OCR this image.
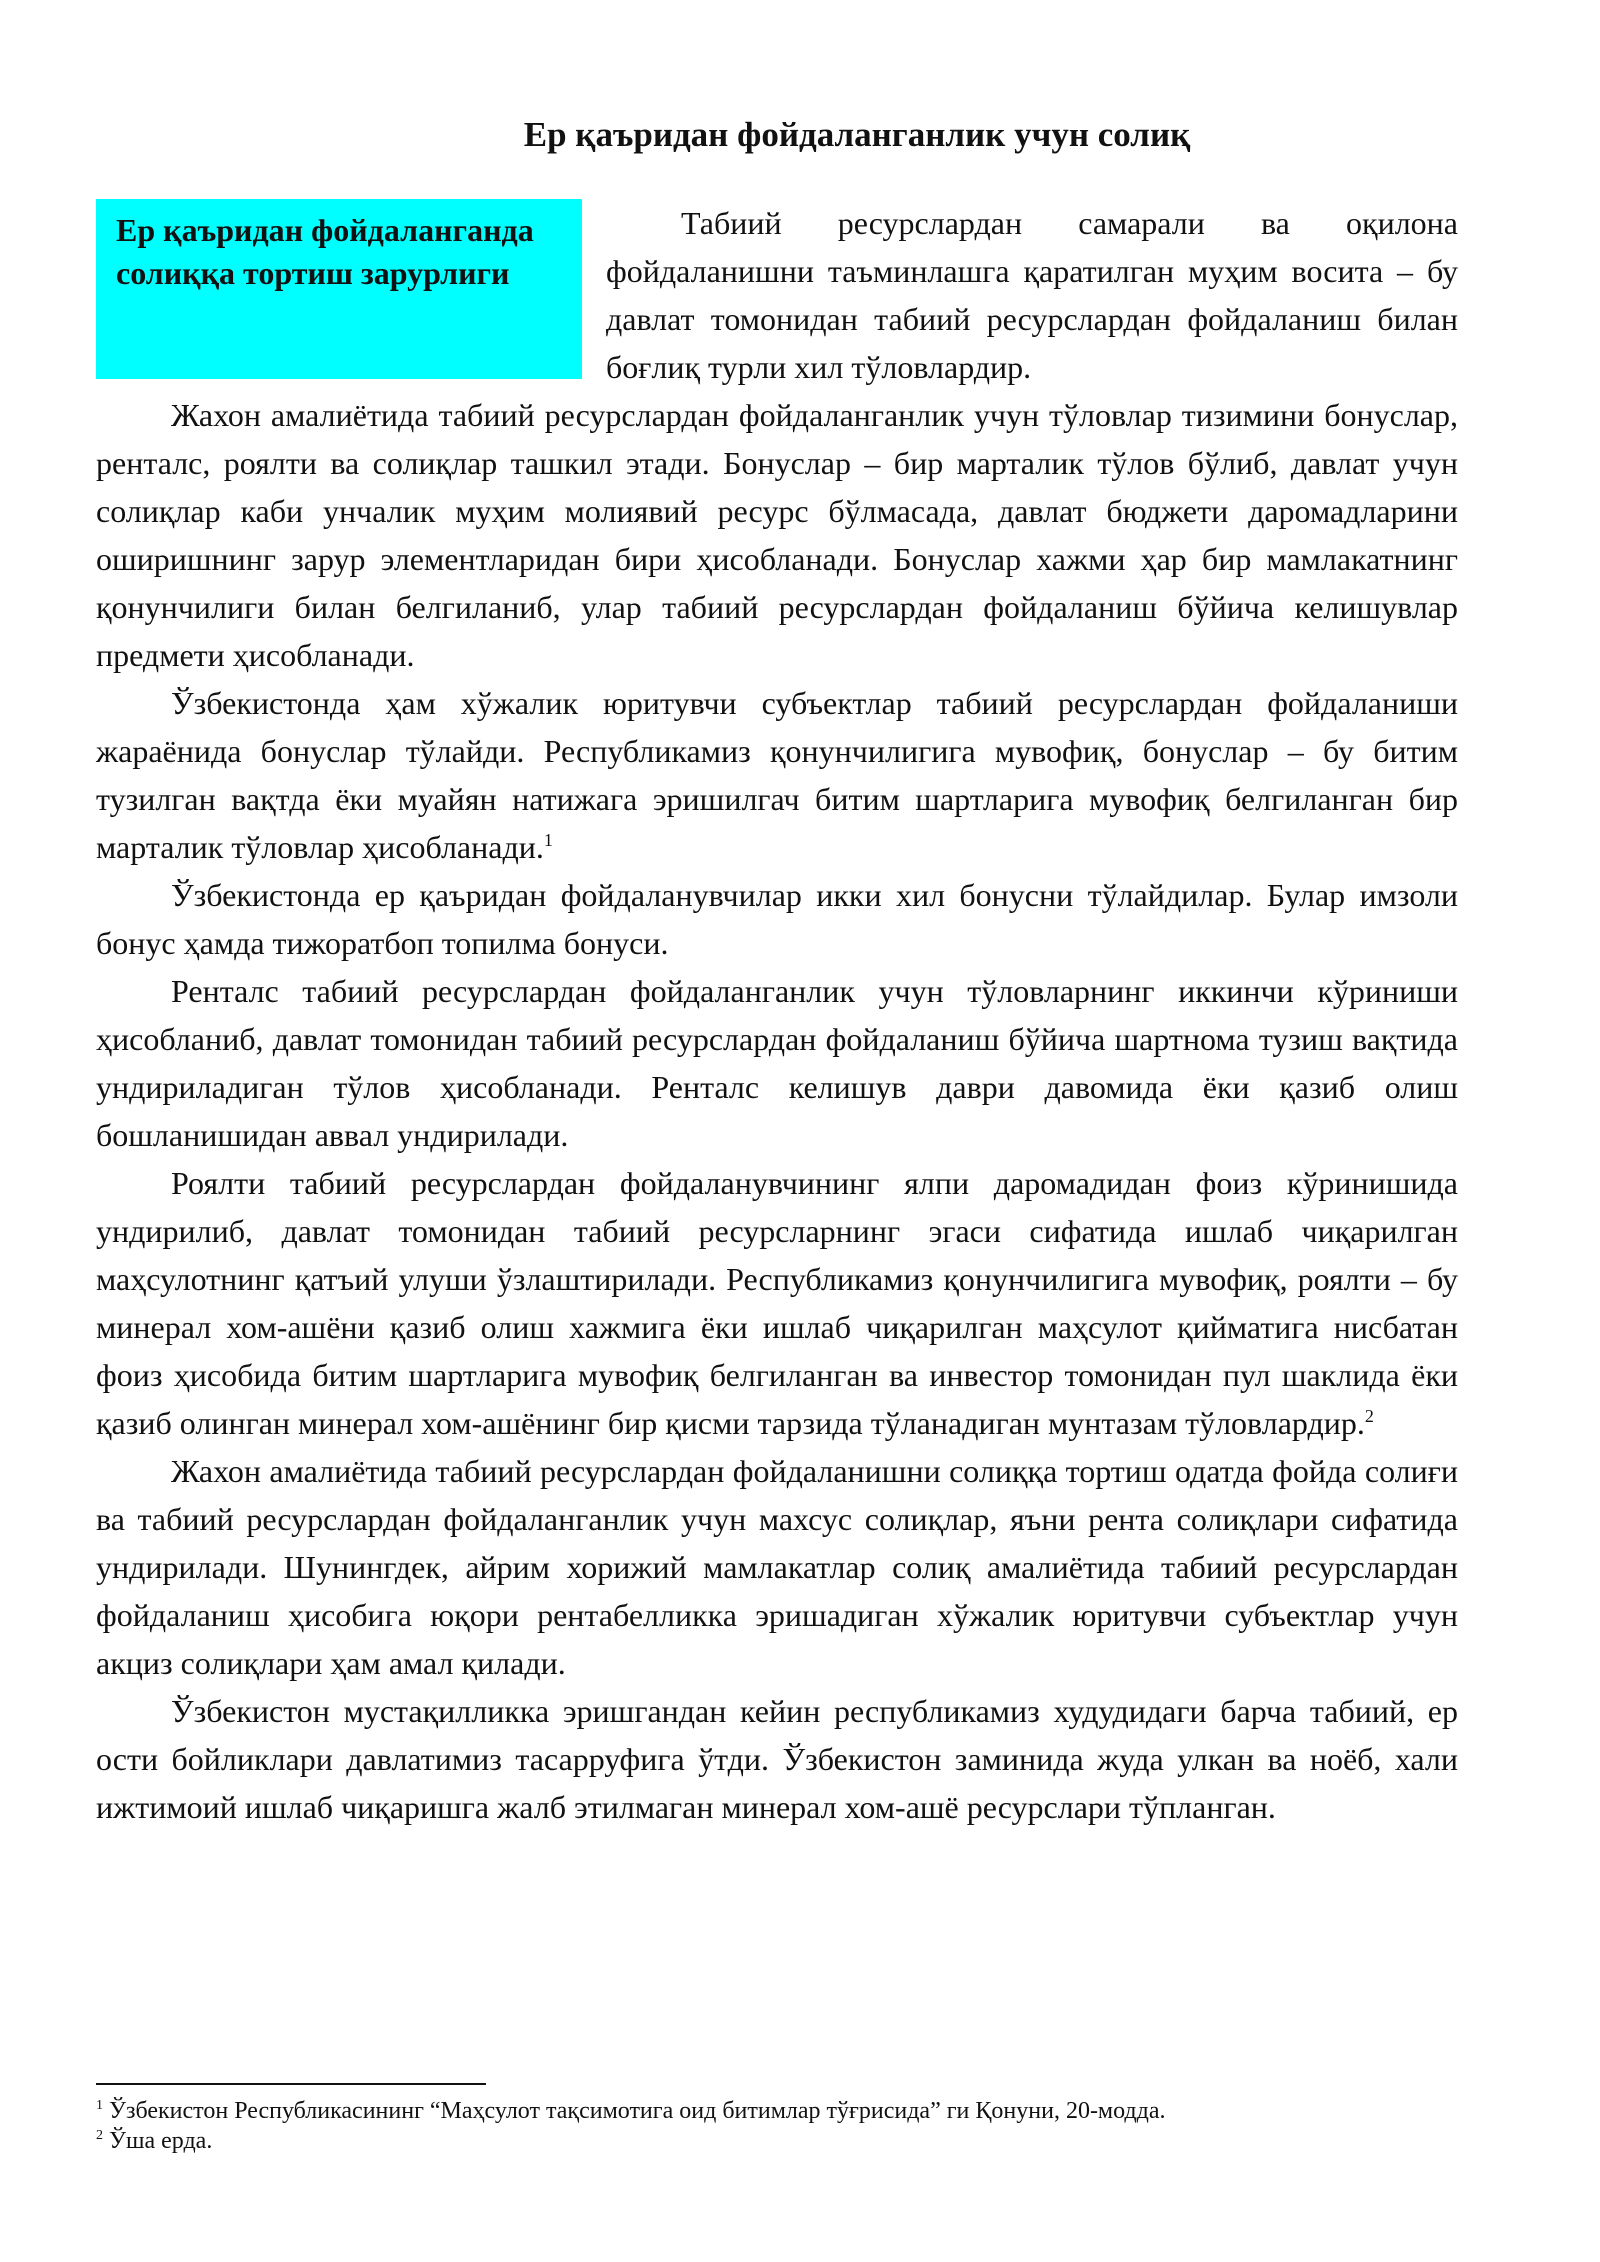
Ер қаъридан фойдаланганлик учун солиқ
Ер қаъридан фойдаланганда солиққа тортиш зарурлиги

Табиий ресурслардан самарали ва оқилона фойдаланишни таъминлашга қаратилган муҳим восита – бу давлат томонидан табиий ресурслардан фойдаланиш билан боғлиқ турли хил тўловлардир.

Жахон амалиётида табиий ресурслардан фойдаланганлик учун тўловлар тизимини бонуслар, ренталс, роялти ва солиқлар ташкил этади. Бонуслар – бир марталик тўлов бўлиб, давлат учун солиқлар каби унчалик муҳим молиявий ресурс бўлмасада, давлат бюджети даромадларини оширишнинг зарур элементларидан бири ҳисобланади. Бонуслар хажми ҳар бир мамлакатнинг қонунчилиги билан белгиланиб, улар табиий ресурслардан фойдаланиш бўйича келишувлар предмети ҳисобланади.

Ўзбекистонда ҳам хўжалик юритувчи субъектлар табиий ресурслардан фойдаланиши жараёнида бонуслар тўлайди. Республикамиз қонунчилигига мувофиқ, бонуслар – бу битим тузилган вақтда ёки муайян натижага эришилгач битим шартларига мувофиқ белгиланган бир марталик тўловлар ҳисобланади.$^1$

Ўзбекистонда ер қаъридан фойдаланувчилар икки хил бонусни тўлайдилар. Булар имзоли бонус ҳамда тижоратбоп топилма бонуси.

Ренталс табиий ресурслардан фойдаланганлик учун тўловларнинг иккинчи кўриниши ҳисобланиб, давлат томонидан табиий ресурслардан фойдаланиш бўйича шартнома тузиш вақтида ундириладиган тўлов ҳисобланади. Ренталс келишув даври давомида ёки қазиб олиш бошланишидан аввал ундирилади.

Роялти табиий ресурслардан фойдаланувчининг ялпи даромадидан фоиз кўринишида ундирилиб, давлат томонидан табиий ресурсларнинг эгаси сифатида ишлаб чиқарилган маҳсулотнинг қатъий улуши ўзлаштирилади. Республикамиз қонунчилигига мувофиқ, роялти – бу минерал хом-ашёни қазиб олиш хажмига ёки ишлаб чиқарилган маҳсулот қийматига нисбатан фоиз ҳисобида битим шартларига мувофиқ белгиланган ва инвестор томонидан пул шаклида ёки қазиб олинган минерал хом-ашёнинг бир қисми тарзида тўланадиган мунтазам тўловлардир.$^2$

Жахон амалиётида табиий ресурслардан фойдаланишни солиққа тортиш одатда фойда солиғи ва табиий ресурслардан фойдаланганлик учун махсус солиқлар, яъни рента солиқлари сифатида ундирилади. Шунингдек, айрим хорижий мамлакатлар солиқ амалиётида табиий ресурслардан фойдаланиш ҳисобига юқори рентабелликка эришадиган хўжалик юритувчи субъектлар учун акциз солиқлари ҳам амал қилади.

Ўзбекистон мустақилликка эришгандан кейин республикамиз худудидаги барча табиий, ер ости бойликлари давлатимиз тасарруфига ўтди. Ўзбекистон заминида жуда улкан ва ноёб, хали ижтимоий ишлаб чиқаришга жалб этилмаган минерал хом-ашё ресурслари тўпланган.

$^1$ Ўзбекистон Республикасининг “Маҳсулот тақсимотига оид битимлар тўғрисида” ги Қонуни, 20-модда.
$^2$ Ўша ерда.
